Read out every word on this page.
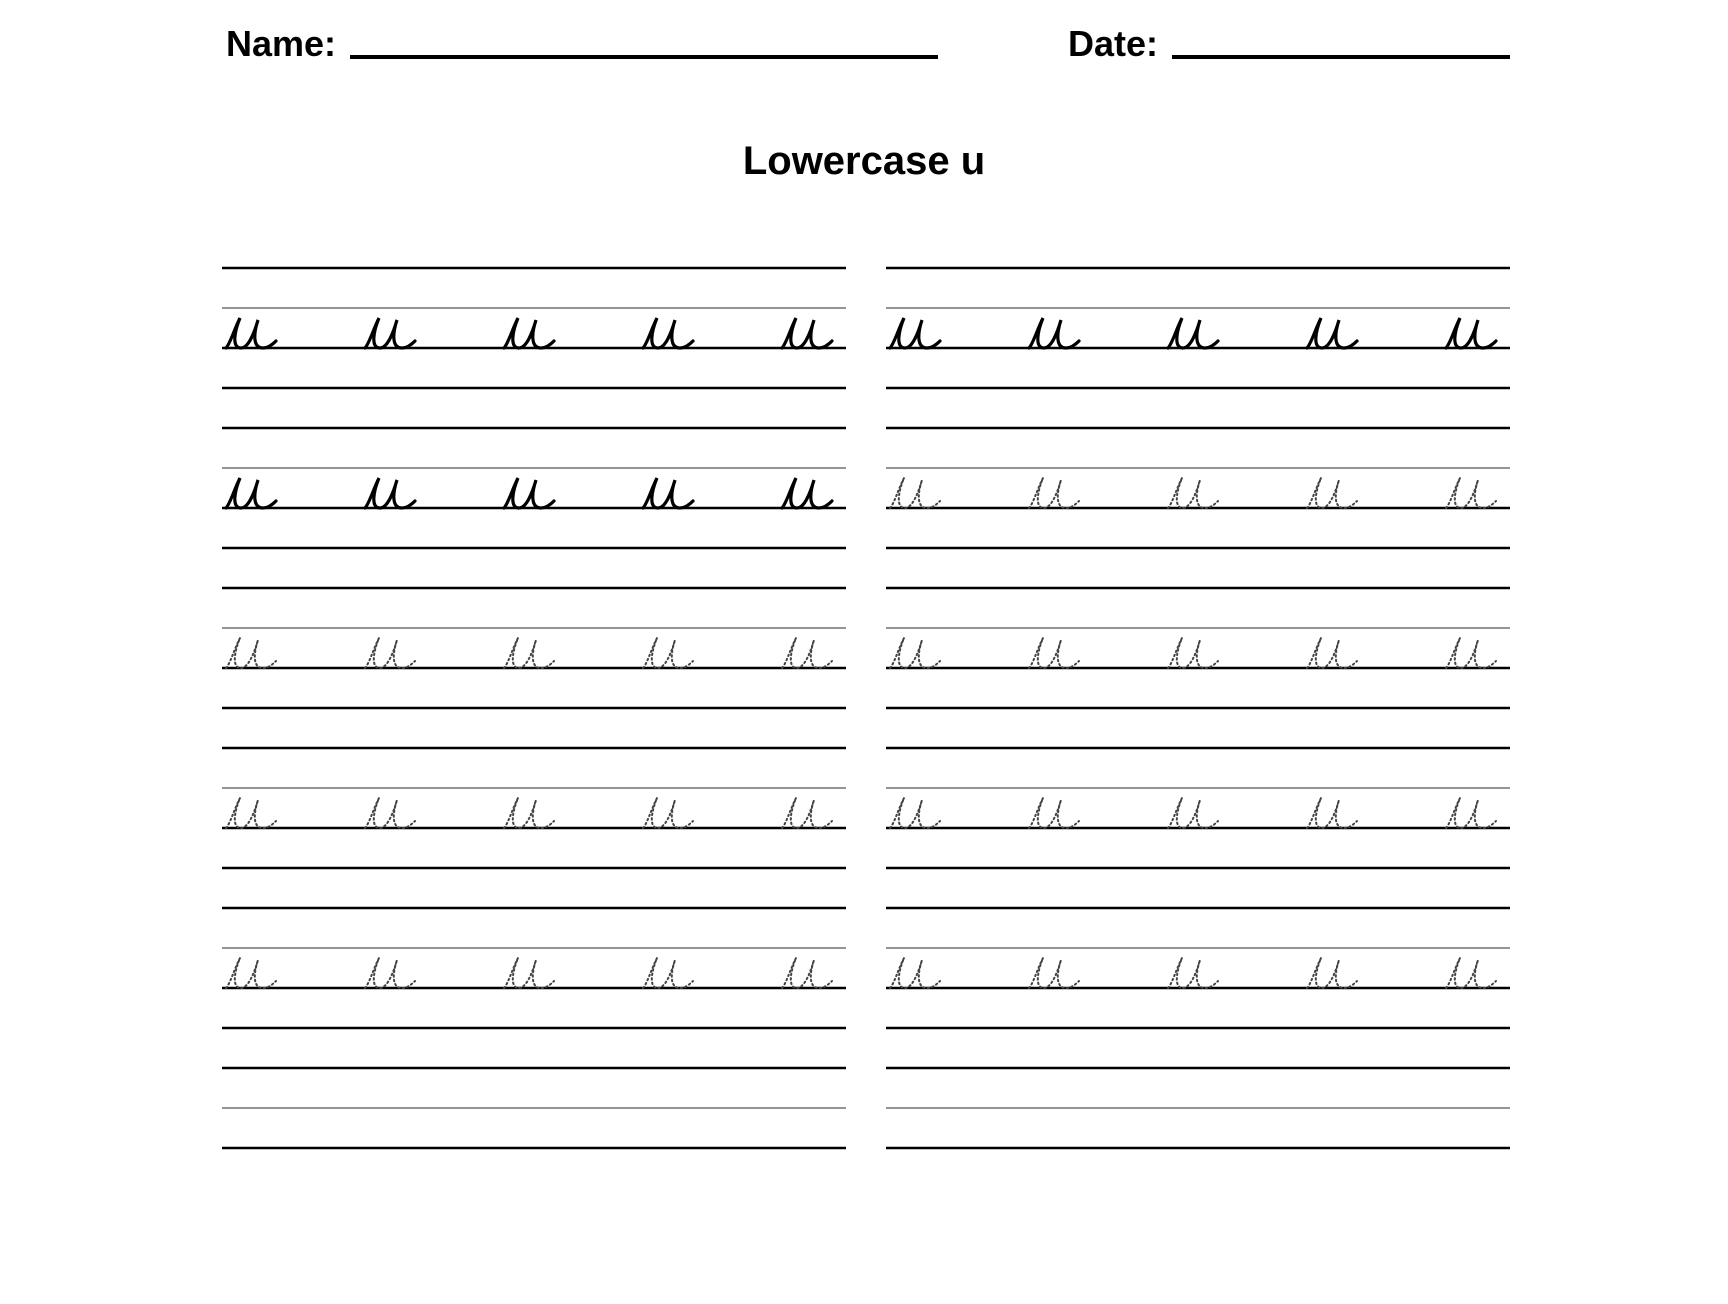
Name:	Date:
Lowercase u
